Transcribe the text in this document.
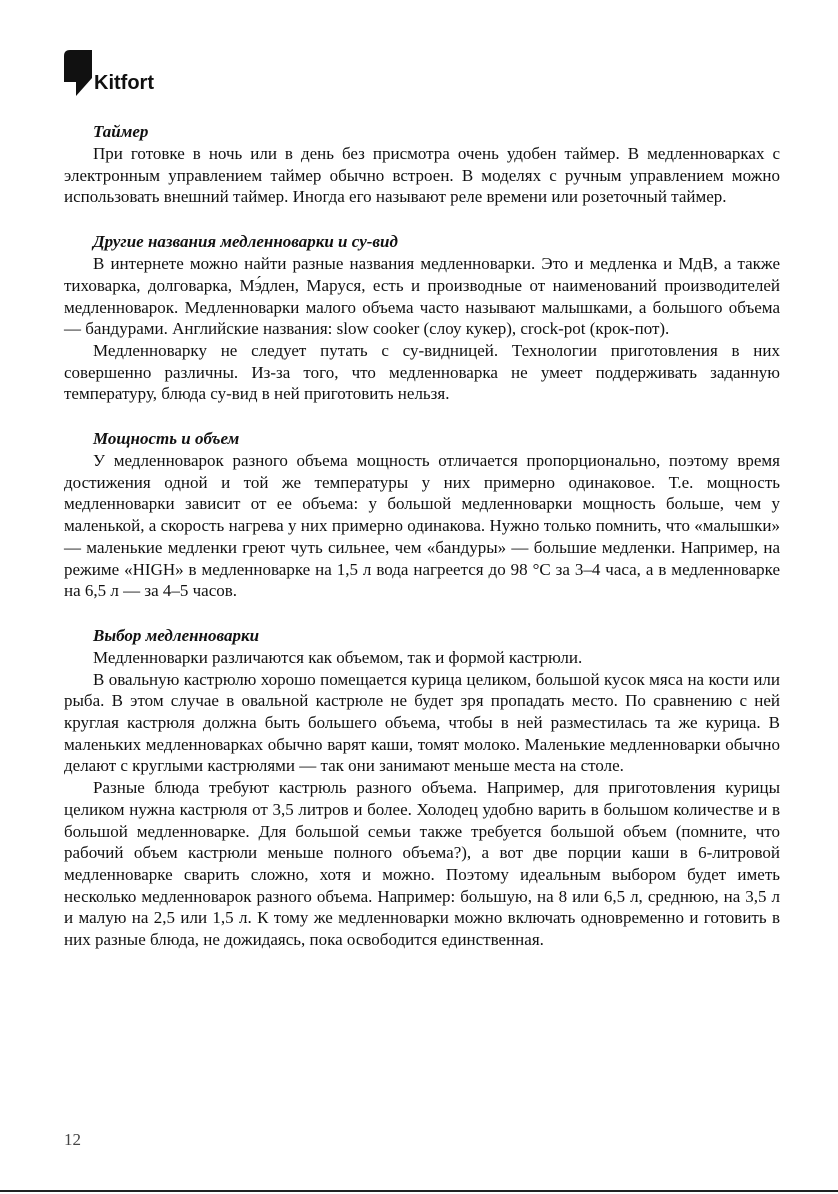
Kitfort

Таймер

При готовке в ночь или в день без присмотра очень удобен таймер. В медленноварках с электронным управлением таймер обычно встроен. В моделях с ручным управлением можно использовать внешний таймер. Иногда его называют реле времени или розеточный таймер.

Другие названия медленноварки и су-вид

В интернете можно найти разные названия медленноварки. Это и медленка и МдВ, а также тиховарка, долговарка, Мэ́длен, Маруся, есть и производные от наименований производителей медленноварок. Медленноварки малого объема часто называют малышками, а большого объема — бандурами. Английские названия: slow cooker (слоу кукер), crock-pot (крок-пот).

Медленноварку не следует путать с су-видницей. Технологии приготовления в них совершенно различны. Из-за того, что медленноварка не умеет поддерживать заданную температуру, блюда су-вид в ней приготовить нельзя.

Мощность и объем

У медленноварок разного объема мощность отличается пропорционально, поэтому время достижения одной и той же температуры у них примерно одинаковое. Т.е. мощность медленноварки зависит от ее объема: у большой медленноварки мощность больше, чем у маленькой, а скорость нагрева у них примерно одинакова. Нужно только помнить, что «малышки» — маленькие медленки греют чуть сильнее, чем «бандуры» — большие медленки. Например, на режиме «HIGH» в медленноварке на 1,5 л вода нагреется до 98 °С за 3–4 часа, а в медленноварке на 6,5 л — за 4–5 часов.

Выбор медленноварки

Медленноварки различаются как объемом, так и формой кастрюли.

В овальную кастрюлю хорошо помещается курица целиком, большой кусок мяса на кости или рыба. В этом случае в овальной кастрюле не будет зря пропадать место. По сравнению с ней круглая кастрюля должна быть большего объема, чтобы в ней разместилась та же курица. В маленьких медленноварках обычно варят каши, томят молоко. Маленькие медленноварки обычно делают с круглыми кастрюлями — так они занимают меньше места на столе.

Разные блюда требуют кастрюль разного объема. Например, для приготовления курицы целиком нужна кастрюля от 3,5 литров и более. Холодец удобно варить в большом количестве и в большой медленноварке. Для большой семьи также требуется большой объем (помните, что рабочий объем кастрюли меньше полного объема?), а вот две порции каши в 6-литровой медленноварке сварить сложно, хотя и можно. Поэтому идеальным выбором будет иметь несколько медленноварок разного объема. Например: большую, на 8 или 6,5 л, среднюю, на 3,5 л и малую на 2,5 или 1,5 л. К тому же медленноварки можно включать одновременно и готовить в них разные блюда, не дожидаясь, пока освободится единственная.

12
